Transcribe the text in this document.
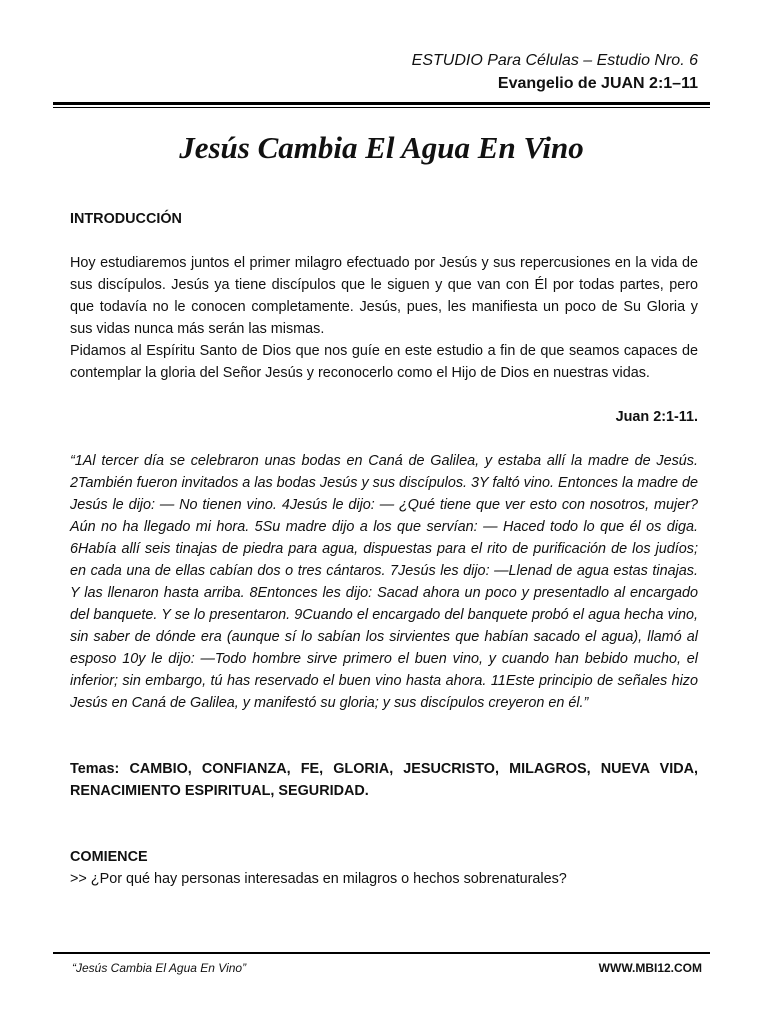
ESTUDIO Para Células – Estudio Nro. 6
Evangelio de JUAN 2:1–11
Jesús Cambia El Agua En Vino
INTRODUCCIÓN

Hoy estudiaremos juntos el primer milagro efectuado por Jesús y sus repercusiones en la vida de sus discípulos. Jesús ya tiene discípulos que le siguen y que van con Él por todas partes, pero que todavía no le conocen completamente. Jesús, pues, les manifiesta un poco de Su Gloria y sus vidas nunca más serán las mismas.

Pidamos al Espíritu Santo de Dios que nos guíe en este estudio a fin de que seamos capaces de contemplar la gloria del Señor Jesús y reconocerlo como el Hijo de Dios en nuestras vidas.

Juan 2:1-11.

“1Al tercer día se celebraron unas bodas en Caná de Galilea, y estaba allí la madre de Jesús. 2También fueron invitados a las bodas Jesús y sus discípulos. 3Y faltó vino. Entonces la madre de Jesús le dijo: — No tienen vino. 4Jesús le dijo: — ¿Qué tiene que ver esto con nosotros, mujer? Aún no ha llegado mi hora. 5Su madre dijo a los que servían: — Haced todo lo que él os diga. 6Había allí seis tinajas de piedra para agua, dispuestas para el rito de purificación de los judíos; en cada una de ellas cabían dos o tres cántaros. 7Jesús les dijo: —Llenad de agua estas tinajas. Y las llenaron hasta arriba. 8Entonces les dijo: Sacad ahora un poco y presentadlo al encargado del banquete. Y se lo presentaron. 9Cuando el encargado del banquete probó el agua hecha vino, sin saber de dónde era (aunque sí lo sabían los sirvientes que habían sacado el agua), llamó al esposo 10y le dijo: —Todo hombre sirve primero el buen vino, y cuando han bebido mucho, el inferior; sin embargo, tú has reservado el buen vino hasta ahora. 11Este principio de señales hizo Jesús en Caná de Galilea, y manifestó su gloria; y sus discípulos creyeron en él.”

Temas: CAMBIO, CONFIANZA, FE, GLORIA, JESUCRISTO, MILAGROS, NUEVA VIDA, RENACIMIENTO ESPIRITUAL, SEGURIDAD.

COMIENCE

>> ¿Por qué hay personas interesadas en milagros o hechos sobrenaturales?

“Jesús Cambia El Agua En Vino”	WWW.MBI12.COM
